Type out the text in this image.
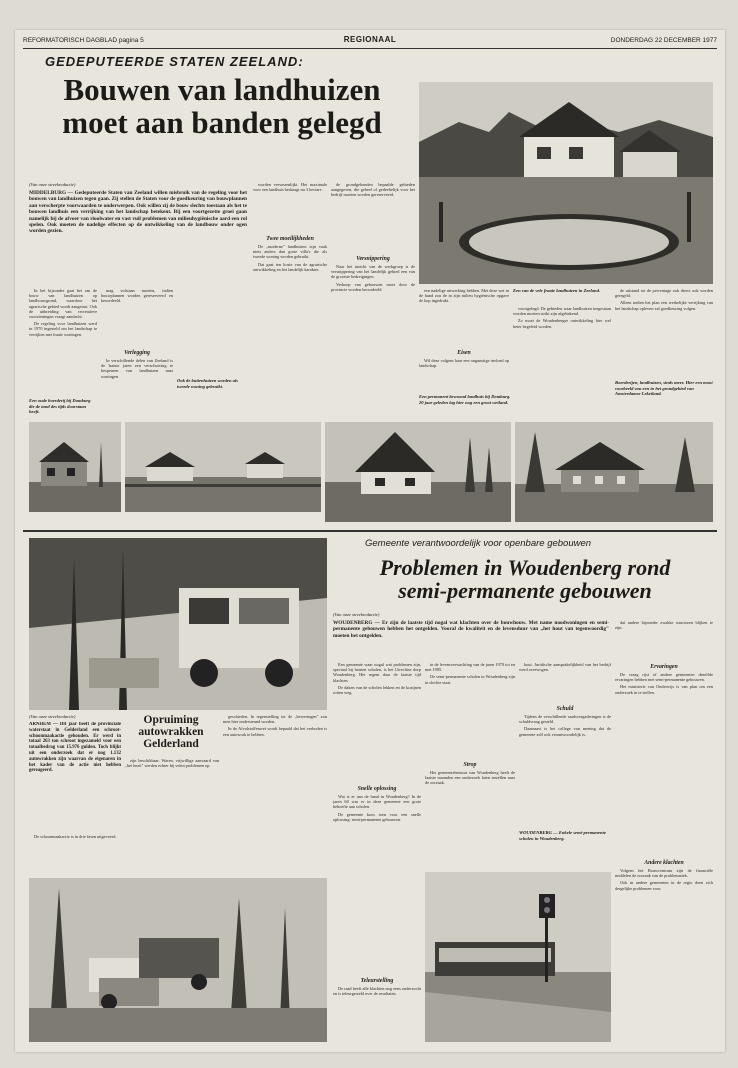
REFORMATORISCH DAGBLAD pagina 5	REGIONAAL	DONDERDAG 22 DECEMBER 1977
GEDEPUTEERDE STATEN ZEELAND:
Bouwen van landhuizen
moet aan banden gelegd
(Van onze streekredactie)
MIDDELBURG — Gedeputeerde Staten van Zeeland willen misbruik van de regeling voor het bouwen van landhuizen tegen gaan. Zij stellen de Staten voor de goedkeuring van bouwplannen aan verscherpte voorwaarden te onderwerpen. Ook willen zij de bouw slechts toestaan als het te bouwen landhuis een verrijking van het landschap betekent. Bij een voortgezette groei gaan namelijk bij de afvoer van rioolwater en vast vuil problemen van milieuhygiënische aard een rol spelen. Ook moeten de nadelige effecten op de ontwikkeling van de landbouw onder ogen worden gezien.

In het bijzonder gaat het om de bouw van landhuizen op landbouwgrond, waardoor het agrarische gebied wordt aangetast. Ook de uitbreiding van recreatieve voorzieningen vraagt aandacht.

De regeling voor landhuizen werd in 1970 ingesteld om het landschap te verrijken met fraaie woningen.

mag volstaan moeten, indien bouwplannen worden gereserveerd en beoordeeld.

Verlegging

In verschillende delen van Zeeland is de laatste jaren een verschuiving te bespeuren van landhuizen naar woningen.

worden verwezenlijkt. Het maximale voor een landhuis bedraagt nu 3 hectare.

Twee moeilijkheden

De „moderne" landhuizen zijn vaak niets anders dan grote villa's die als tweede woning worden gebruikt.

Dat gaat ten koste van de agrarische ontwikkeling en het landelijk karakter.

de grondgebonden bepaalde gebieden aangegeven, die geheel of gedeeltelijk voor het bedrijf moeten worden gereserveerd.

Versnippering

Naar het inzicht van de werkgroep is de versnippering van het landelijk gebied een van de grootste bedreigingen.

Verkoop van gebouwen moet door de provincie worden beoordeeld.	een nadelige uitwerking hebben. Met deze wet in de hand zou de in zijn milieu hygiënische opgave de kop ingedrukt.

Eisen

Wil deze volgens haar een ongunstige invloed op landschap.

Een permanent bewoond landhuis bij Domburg. 20 jaar geleden lag hier nog een groot weiland.
Een van de vele fraaie landhuizen in Zeeland.

voortgelegd. De gebieden waar landhuizen toegestaan worden moeten strikt zijn afgebakend.

Zo moet de Woudenbergse ontwikkeling hier wel beter begeleid worden.

de uitstand tot de percentage ook direct ook worden geregeld.

Alleen indien het plan een werkelijke verrijking van het landschap oplevert zal goedkeuring volgen.

Boerderijen, landhuizen, sinds meer. Hier een mooi voorbeeld van een in het grondgebied van Amsterdamse Lekeiland.
Een oude boerderij bij Domburg die de tand des tijds doorstaan heeft.
Ook de buitenhuizen worden als tweede woning gebruikt.
Gemeente verantwoordelijk voor openbare gebouwen
Problemen in Woudenberg rond
semi-permanente gebouwen
(Van onze streekredactie)
WOUDENBERG — Er zijn de laatste tijd nogal wat klachten over de bouwhouw. Met name noodwoningen en semi-permanente gebouwen hebben het ontgelden. Vooral de kwaliteit en de levensduur van „het hout van tegenwoordig" moeten het ontgelden.

Een gemeente waar nogal wat problemen zijn, speciaal bij houten scholen, is het Utrechtse dorp Woudenberg. Het regent daar de laatste tijd klachten.

De daken van de scholen lekken en de kozijnen rotten weg.

Snelle oplossing

Wat is er aan de hand in Woudenberg? In de jaren 60 was er in deze gemeente een grote behoefte aan scholen.

De gemeente koos toen voor een snelle oplossing: semi-permanente gebouwen.

Teleurstelling

De raad heeft alle klachten nog eens onderzocht en is teleurgesteld over de resultaten.

in de levensverwachting van de jaren 1970 tot en met 1985.

De semi-permanente scholen in Woudenberg zijn in slechte staat.

Strop

Het gemeentebestuur van Woudenberg heeft de laatste maanden een onderzoek laten instellen naar de oorzaak.

hout. Juridische aansprakelijkheid van het bedrijf werd overwogen.

Schuld

Tijdens de verschillende raadsvergaderingen is de schuldvraag gesteld.

Daarnaast is het college van mening dat de gemeente zelf ook verantwoordelijk is.

WOUDENBERG — Enkele semi-permanente scholen in Woudenberg.

dat andere bijzonder zwakke structuren blijken te zijn.

Ervaringen

De vraag rijst of andere gemeenten dezelfde ervaringen hebben met semi-permanente gebouwen.

Het ministerie van Onderwijs is van plan om een onderzoek in te stellen.

Andere klachten

Volgens het Bouwcentrum zijn de financiële middelen de oorzaak van de problematiek.

Ook in andere gemeenten in de regio doen zich dergelijke problemen voor.

(Van onze streekredactie)
ARNHEM — Dit jaar heeft de provinciale waterstaat in Gelderland een schroot-schoonmaakactie gehouden. Er werd in totaal 263 ton schroot ingezameld voor een totaalbedrag van 15.976 gulden. Toch blijkt uit een onderzoek dat er nog 1.132 autowrakken zijn waarvan de eigenaren in het kader van de actie niet hebben gereageerd.

De schoonmaakactie is in drie fasen uitgevoerd.

Opruiming
autowrakken
Gelderland

zijn beschikbaar. Waren, vrijwillige aanvaard van „het bezit" werden echter bij velen problemen op.

geschieden. In tegenstelling tot de „beweringen" zou men hier ondersteund worden.

In de Afvalstoffenwet wordt bepaald dat het verboden is een autowrak te hebben.
